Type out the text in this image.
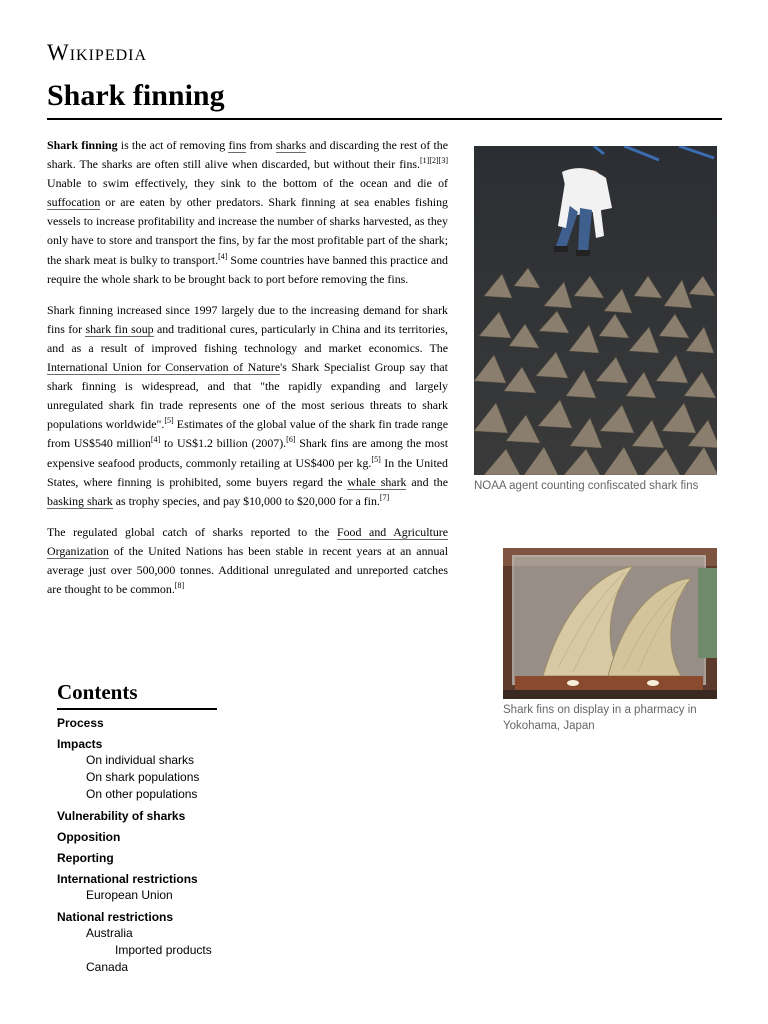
Wikipedia
Shark finning

Shark finning is the act of removing fins from sharks and discarding the rest of the shark. The sharks are often still alive when discarded, but without their fins.[1][2][3] Unable to swim effectively, they sink to the bottom of the ocean and die of suffocation or are eaten by other predators. Shark finning at sea enables fishing vessels to increase profitability and increase the number of sharks harvested, as they only have to store and transport the fins, by far the most profitable part of the shark; the shark meat is bulky to transport.[4] Some countries have banned this practice and require the whole shark to be brought back to port before removing the fins.

Shark finning increased since 1997 largely due to the increasing demand for shark fins for shark fin soup and traditional cures, particularly in China and its territories, and as a result of improved fishing technology and market economics. The International Union for Conservation of Nature's Shark Specialist Group say that shark finning is widespread, and that "the rapidly expanding and largely unregulated shark fin trade represents one of the most serious threats to shark populations worldwide".[5] Estimates of the global value of the shark fin trade range from US$540 million[4] to US$1.2 billion (2007).[6] Shark fins are among the most expensive seafood products, commonly retailing at US$400 per kg.[5] In the United States, where finning is prohibited, some buyers regard the whale shark and the basking shark as trophy species, and pay $10,000 to $20,000 for a fin.[7]

The regulated global catch of sharks reported to the Food and Agriculture Organization of the United Nations has been stable in recent years at an annual average just over 500,000 tonnes. Additional unregulated and unreported catches are thought to be common.[8]

NOAA agent counting confiscated shark fins
Shark fins on display in a pharmacy in Yokohama, Japan
Contents
Process
Impacts
On individual sharks
On shark populations
On other populations
Vulnerability of sharks
Opposition
Reporting
International restrictions
European Union
National restrictions
Australia
Imported products
Canada
